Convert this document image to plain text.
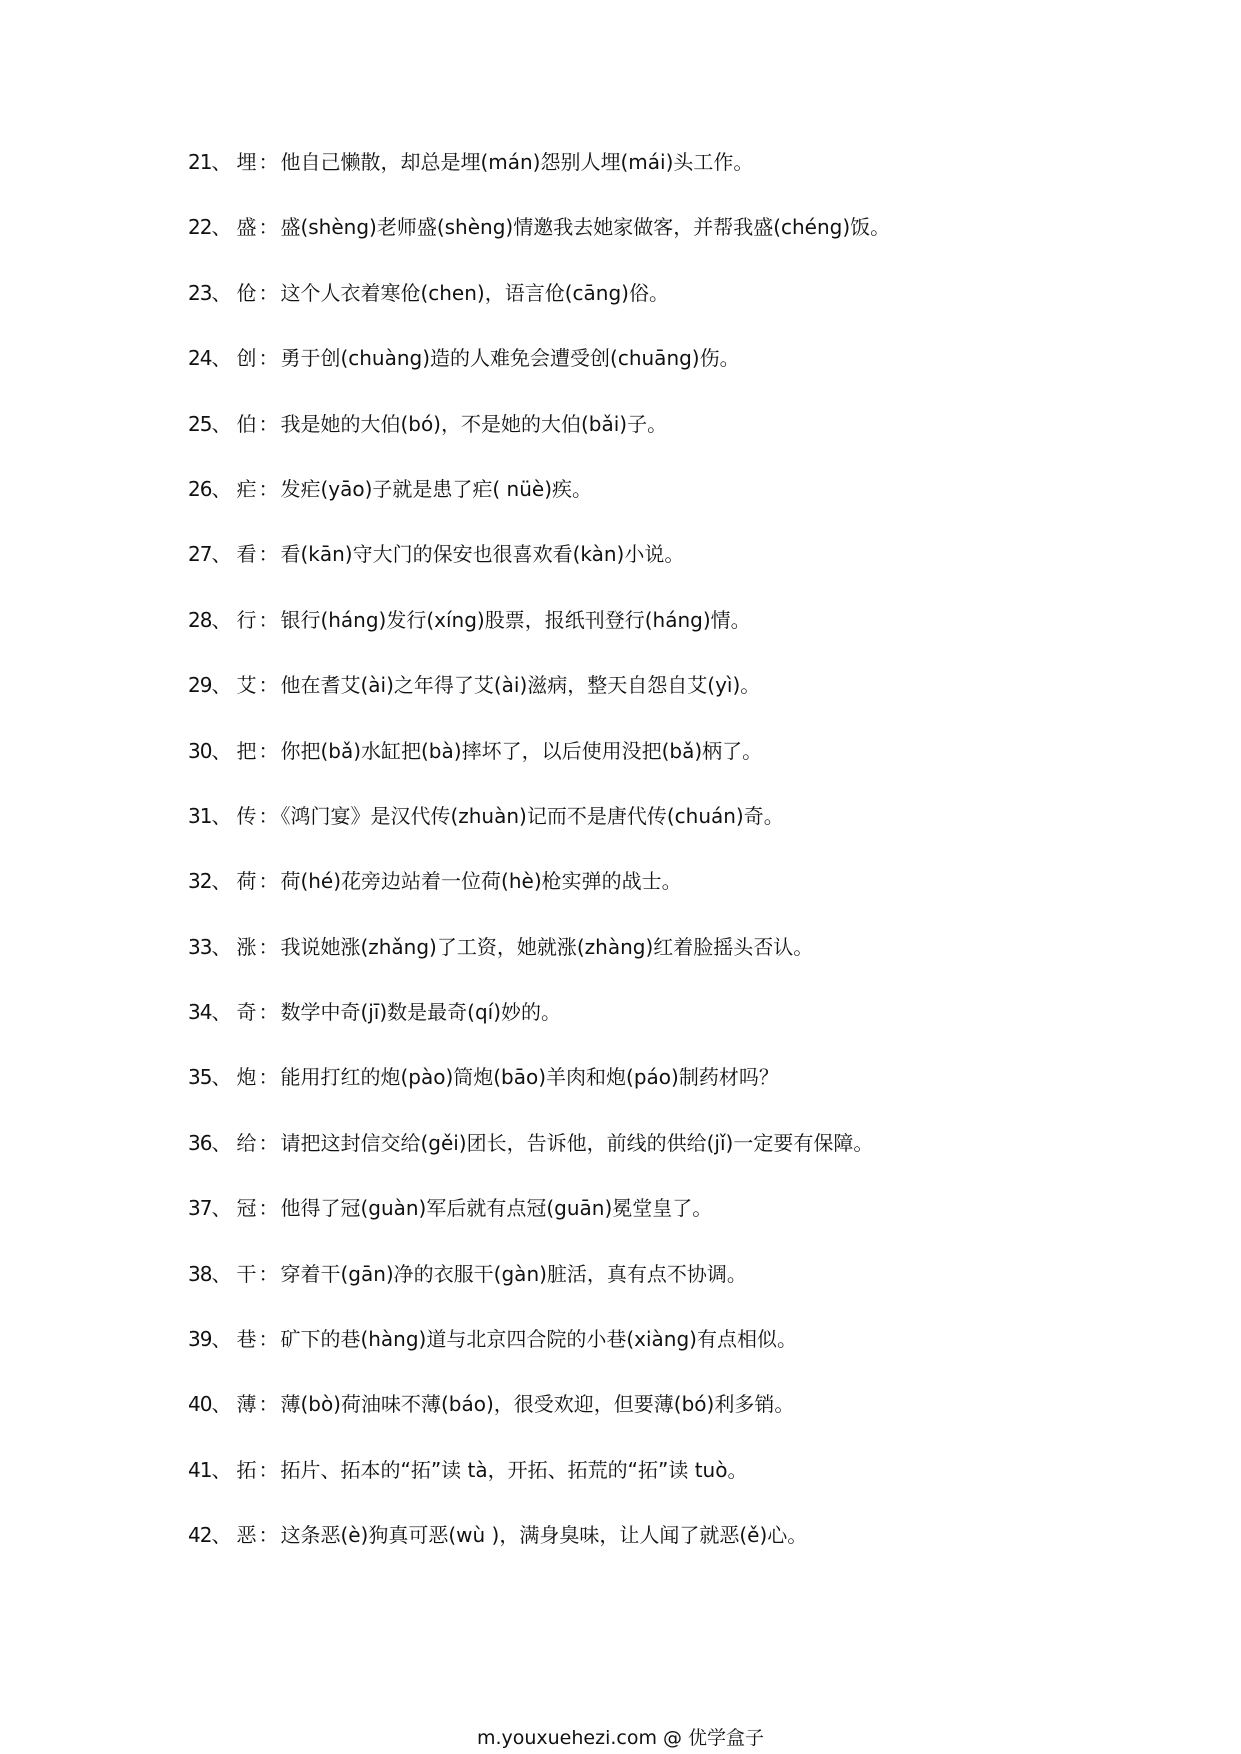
21、 埋 ： 他自己懒散，却总是埋(mán)怨别人埋(mái)头工作。
22、 盛 ： 盛(shèng)老师盛(shèng)情邀我去她家做客，并帮我盛(chéng)饭。
23、 伧 ： 这个人衣着寒伧(chen)，语言伧(cāng)俗。
24、 创 ： 勇于创(chuàng)造的人难免会遭受创(chuāng)伤。
25、 伯 ： 我是她的大伯(bó)，不是她的大伯(bǎi)子。
26、 疟 ： 发疟(yāo)子就是患了疟( nüè)疾。
27、 看 ： 看(kān)守大门的保安也很喜欢看(kàn)小说。
28、 行 ： 银行(háng)发行(xíng)股票，报纸刊登行(háng)情。
29、 艾 ： 他在耆艾(ài)之年得了艾(ài)滋病，整天自怨自艾(yì)。
30、 把 ： 你把(bǎ)水缸把(bà)摔坏了，以后使用没把(bǎ)柄了。
31、 传 ： 《鸿门宴》是汉代传(zhuàn)记而不是唐代传(chuán)奇。
32、 荷 ： 荷(hé)花旁边站着一位荷(hè)枪实弹的战士。
33、 涨 ： 我说她涨(zhǎng)了工资，她就涨(zhàng)红着脸摇头否认。
34、 奇 ： 数学中奇(jī)数是最奇(qí)妙的。
35、 炮 ： 能用打红的炮(pào)筒炮(bāo)羊肉和炮(páo)制药材吗？
36、 给 ： 请把这封信交给(gěi)团长，告诉他，前线的供给(jǐ)一定要有保障。
37、 冠 ： 他得了冠(guàn)军后就有点冠(guān)冕堂皇了。
38、 干 ： 穿着干(gān)净的衣服干(gàn)脏活，真有点不协调。
39、 巷 ： 矿下的巷(hàng)道与北京四合院的小巷(xiàng)有点相似。
40、 薄 ： 薄(bò)荷油味不薄(báo)，很受欢迎，但要薄(bó)利多销。
41、 拓 ： 拓片、拓本的“拓”读 tà，开拓、拓荒的“拓”读 tuò。
42、 恶 ： 这条恶(è)狗真可恶(wù )，满身臭味，让人闻了就恶(ě)心。
m.youxuehezi.com @ 优学盒子
